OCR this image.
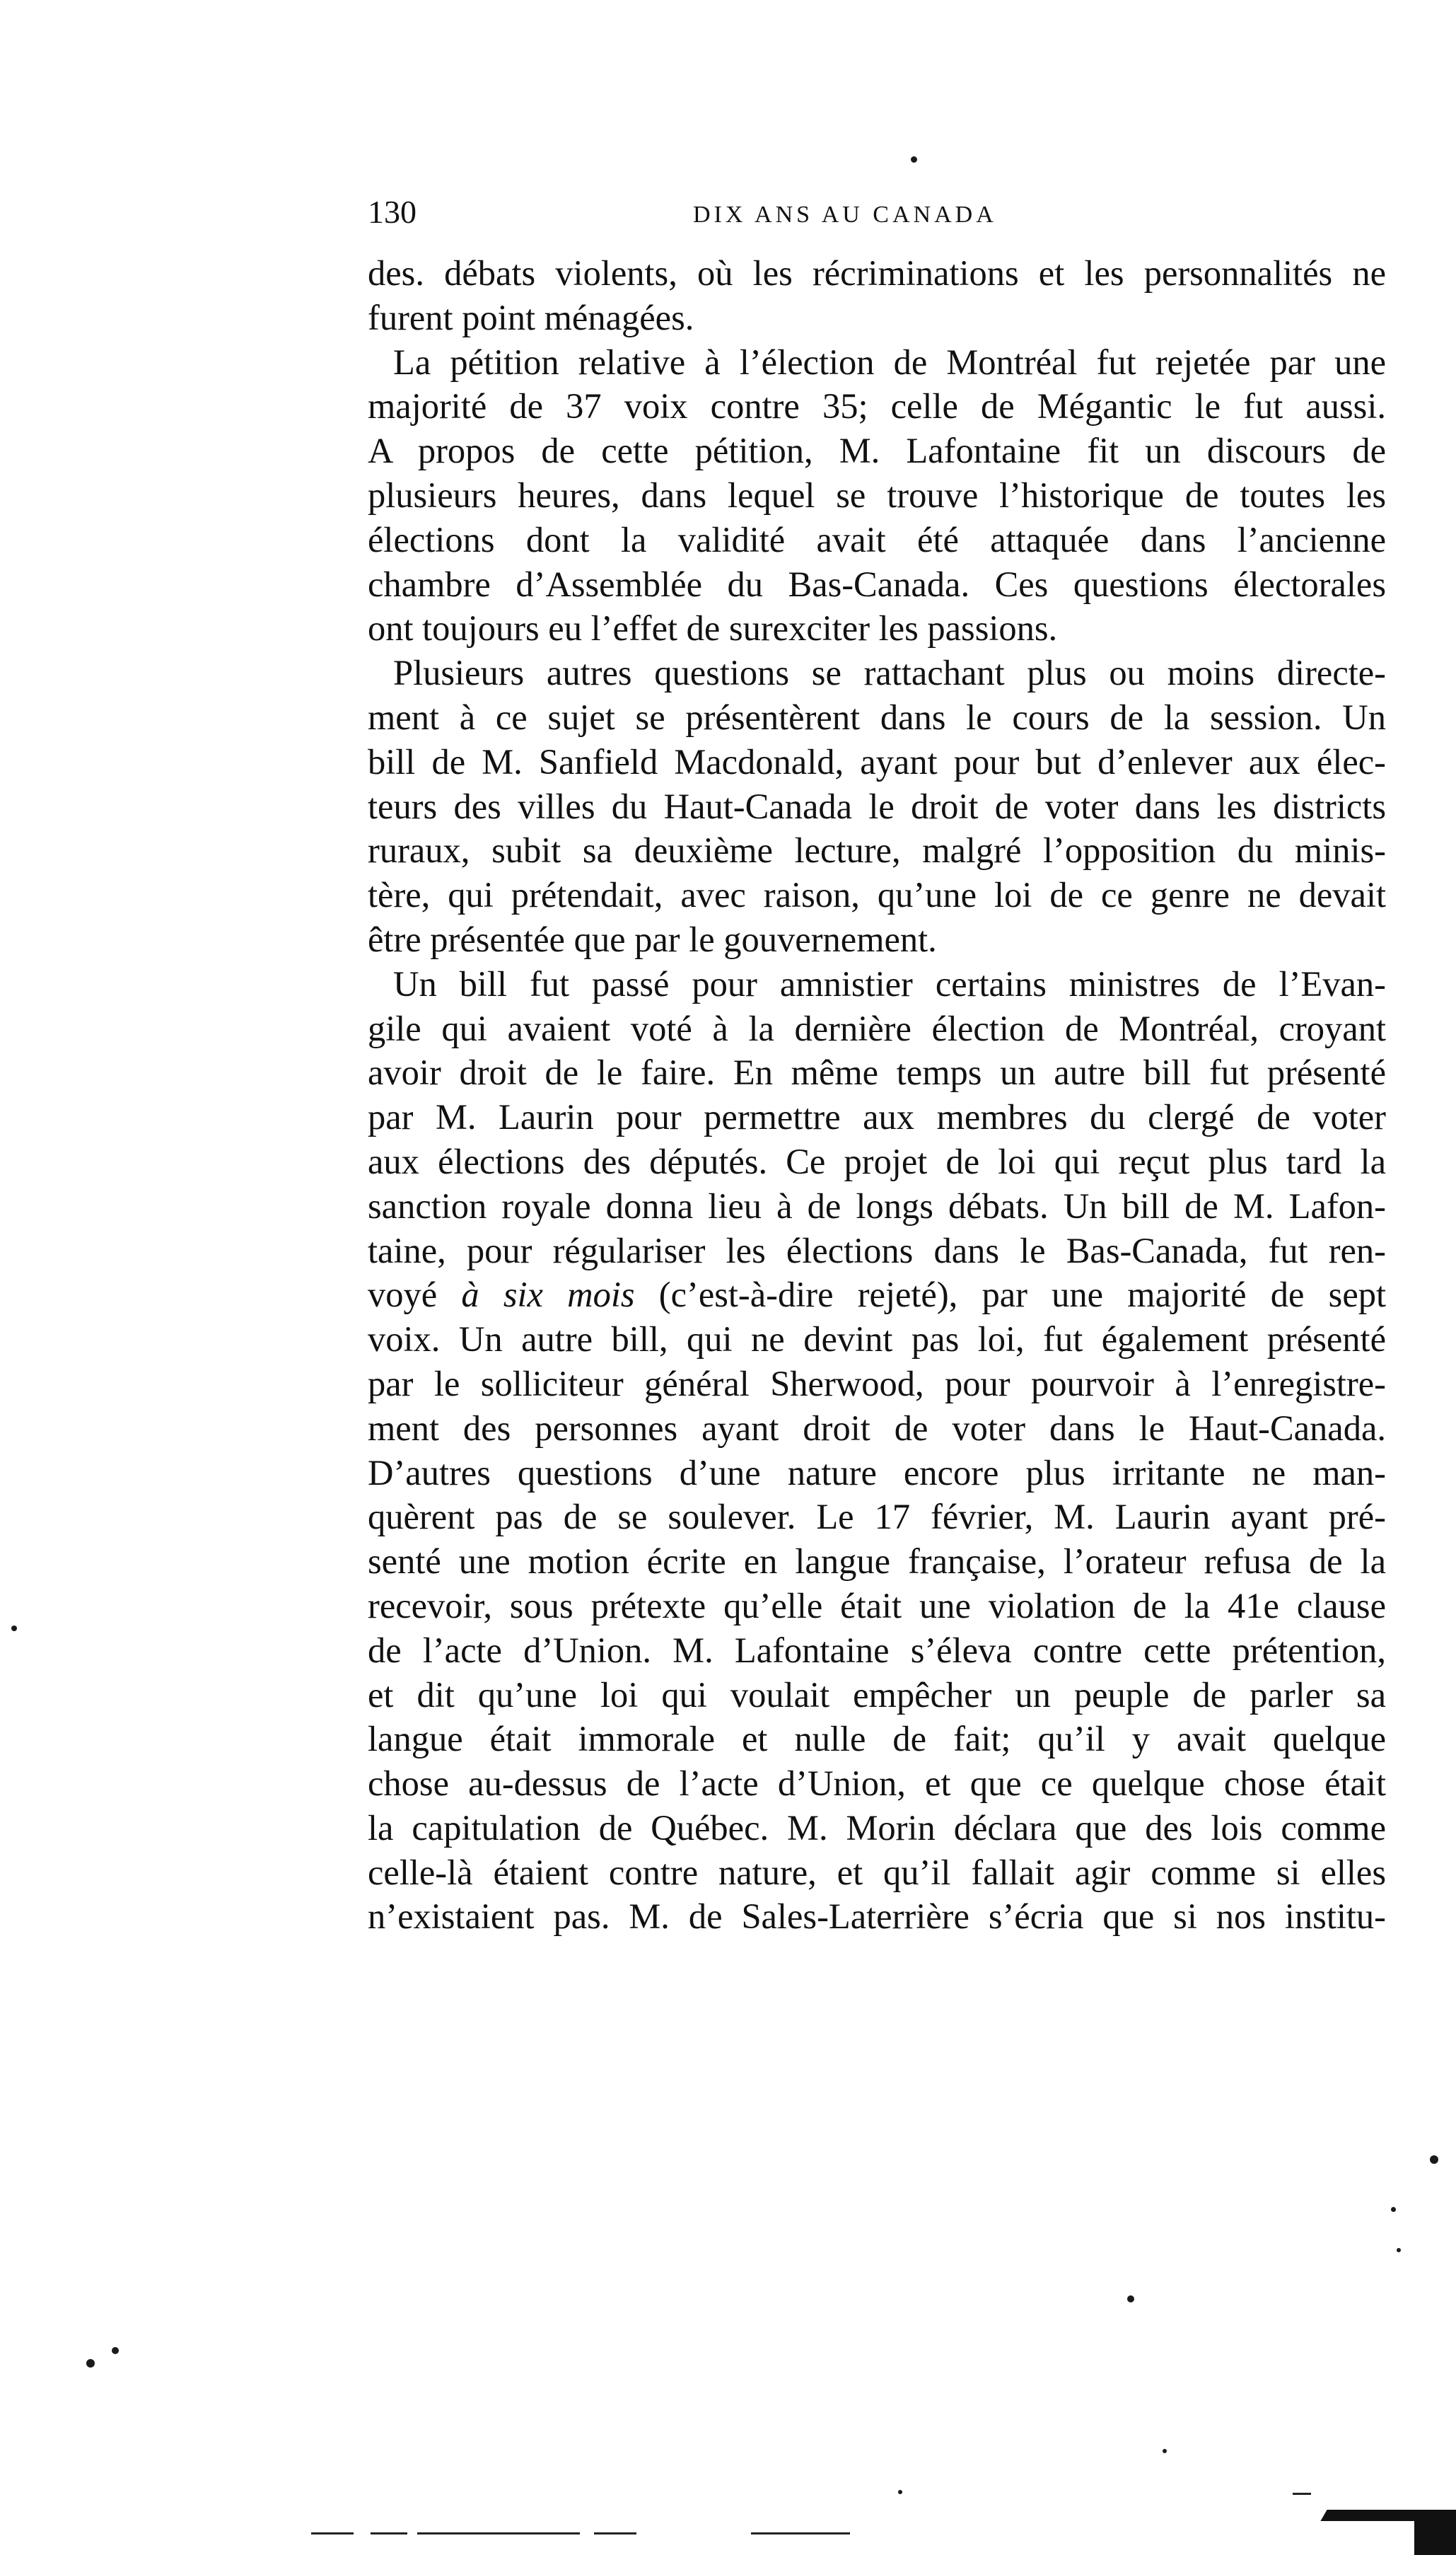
130	DIX ANS AU CANADA
des. débats violents, où les récriminations et les personnalités ne
furent point ménagées.
La pétition relative à l’élection de Montréal fut rejetée par une
majorité de 37 voix contre 35; celle de Mégantic le fut aussi.
A propos de cette pétition, M. Lafontaine fit un discours de
plusieurs heures, dans lequel se trouve l’historique de toutes les
élections dont la validité avait été attaquée dans l’ancienne
chambre d’Assemblée du Bas-Canada. Ces questions électorales
ont toujours eu l’effet de surexciter les passions.
Plusieurs autres questions se rattachant plus ou moins directe-
ment à ce sujet se présentèrent dans le cours de la session. Un
bill de M. Sanfield Macdonald, ayant pour but d’enlever aux élec-
teurs des villes du Haut-Canada le droit de voter dans les districts
ruraux, subit sa deuxième lecture, malgré l’opposition du minis-
tère, qui prétendait, avec raison, qu’une loi de ce genre ne devait
être présentée que par le gouvernement.
Un bill fut passé pour amnistier certains ministres de l’Evan-
gile qui avaient voté à la dernière élection de Montréal, croyant
avoir droit de le faire. En même temps un autre bill fut présenté
par M. Laurin pour permettre aux membres du clergé de voter
aux élections des députés. Ce projet de loi qui reçut plus tard la
sanction royale donna lieu à de longs débats. Un bill de M. Lafon-
taine, pour régulariser les élections dans le Bas-Canada, fut ren-
voyé à six mois (c’est-à-dire rejeté), par une majorité de sept
voix. Un autre bill, qui ne devint pas loi, fut également présenté
par le solliciteur général Sherwood, pour pourvoir à l’enregistre-
ment des personnes ayant droit de voter dans le Haut-Canada.
D’autres questions d’une nature encore plus irritante ne man-
quèrent pas de se soulever. Le 17 février, M. Laurin ayant pré-
senté une motion écrite en langue française, l’orateur refusa de la
recevoir, sous prétexte qu’elle était une violation de la 41e clause
de l’acte d’Union. M. Lafontaine s’éleva contre cette prétention,
et dit qu’une loi qui voulait empêcher un peuple de parler sa
langue était immorale et nulle de fait; qu’il y avait quelque
chose au-dessus de l’acte d’Union, et que ce quelque chose était
la capitulation de Québec. M. Morin déclara que des lois comme
celle-là étaient contre nature, et qu’il fallait agir comme si elles
n’existaient pas. M. de Sales-Laterrière s’écria que si nos institu-
